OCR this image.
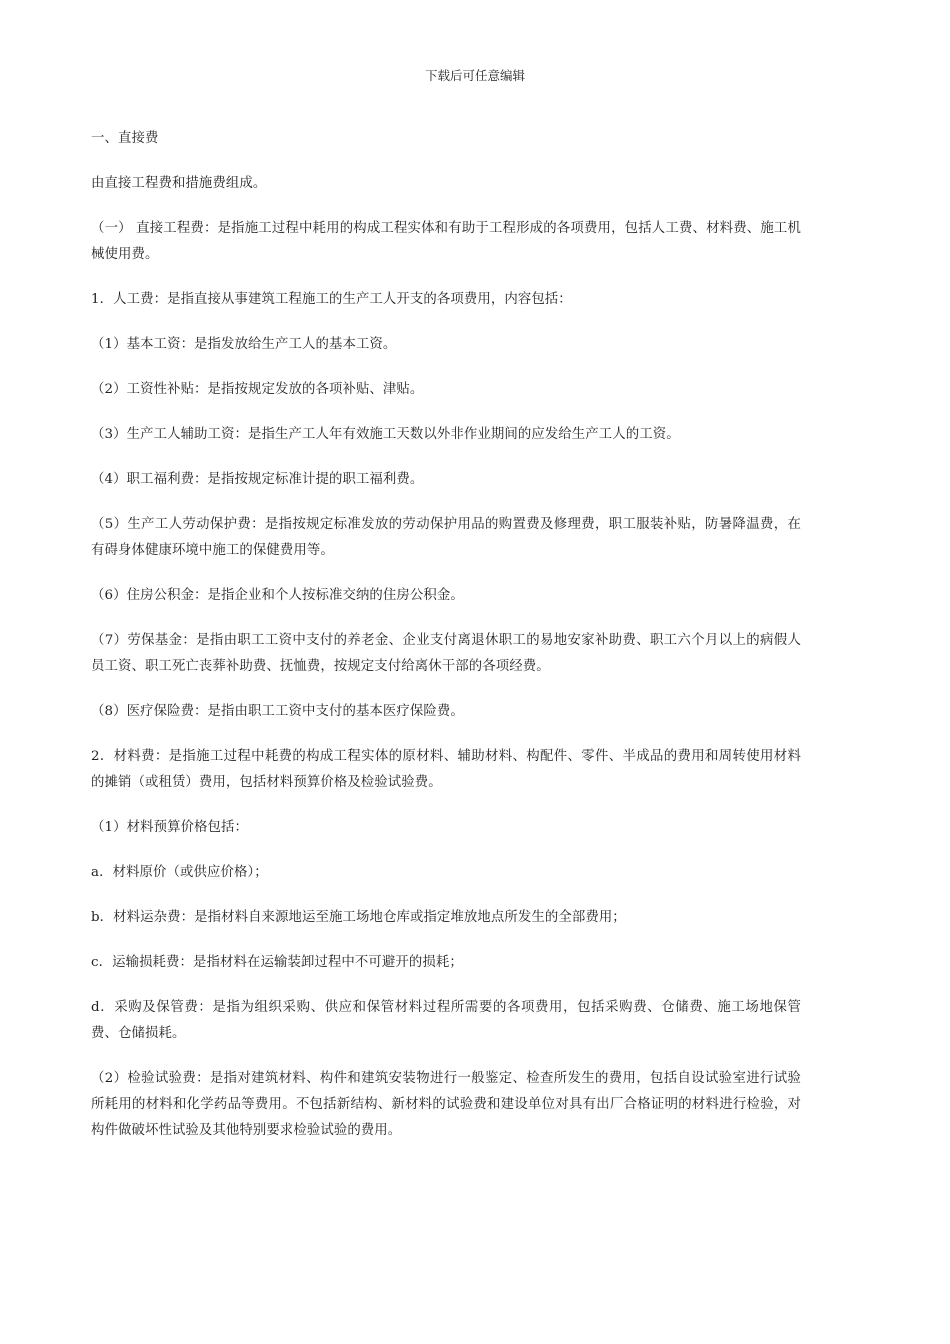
下载后可任意编辑

一、直接费

由直接工程费和措施费组成。

（一） 直接工程费：是指施工过程中耗用的构成工程实体和有助于工程形成的各项费用，包括人工费、材料费、施工机械使用费。

1．人工费：是指直接从事建筑工程施工的生产工人开支的各项费用，内容包括：

（1）基本工资：是指发放给生产工人的基本工资。

（2）工资性补贴：是指按规定发放的各项补贴、津贴。

（3）生产工人辅助工资：是指生产工人年有效施工天数以外非作业期间的应发给生产工人的工资。

（4）职工福利费：是指按规定标准计提的职工福利费。

（5）生产工人劳动保护费：是指按规定标准发放的劳动保护用品的购置费及修理费，职工服装补贴，防暑降温费，在有碍身体健康环境中施工的保健费用等。

（6）住房公积金：是指企业和个人按标准交纳的住房公积金。

（7）劳保基金：是指由职工工资中支付的养老金、企业支付离退休职工的易地安家补助费、职工六个月以上的病假人员工资、职工死亡丧葬补助费、抚恤费，按规定支付给离休干部的各项经费。

（8）医疗保险费：是指由职工工资中支付的基本医疗保险费。

2．材料费：是指施工过程中耗费的构成工程实体的原材料、辅助材料、构配件、零件、半成品的费用和周转使用材料的摊销（或租赁）费用，包括材料预算价格及检验试验费。

（1）材料预算价格包括：

a．材料原价（或供应价格）；

b．材料运杂费：是指材料自来源地运至施工场地仓库或指定堆放地点所发生的全部费用；

c．运输损耗费：是指材料在运输装卸过程中不可避开的损耗；

d．采购及保管费：是指为组织采购、供应和保管材料过程所需要的各项费用，包括采购费、仓储费、施工场地保管费、仓储损耗。

（2）检验试验费：是指对建筑材料、构件和建筑安装物进行一般鉴定、检查所发生的费用，包括自设试验室进行试验所耗用的材料和化学药品等费用。不包括新结构、新材料的试验费和建设单位对具有出厂合格证明的材料进行检验，对构件做破坏性试验及其他特别要求检验试验的费用。
